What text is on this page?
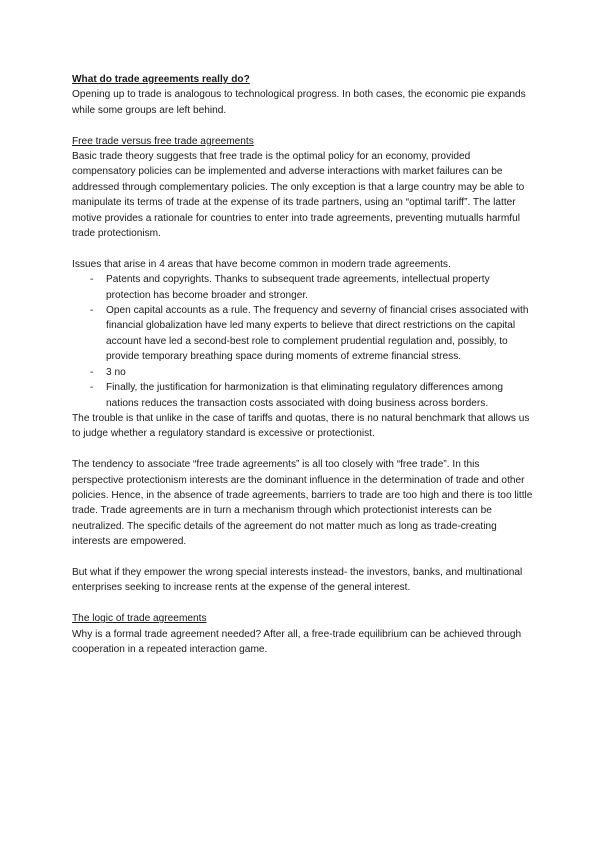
What do trade agreements really do?

Opening up to trade is analogous to technological progress. In both cases, the economic pie expands while some groups are left behind.

Free trade versus free trade agreements

Basic trade theory suggests that free trade is the optimal policy for an economy, provided compensatory policies can be implemented and adverse interactions with market failures can be addressed through complementary policies. The only exception is that a large country may be able to manipulate its terms of trade at the expense of its trade partners, using an “optimal tariff”. The latter motive provides a rationale for countries to enter into trade agreements, preventing mutualls harmful trade protectionism.

Issues that arise in 4 areas that have become common in modern trade agreements.

- Patents and copyrights. Thanks to subsequent trade agreements, intellectual property protection has become broader and stronger.
- Open capital accounts as a rule. The frequency and severny of financial crises associated with financial globalization have led many experts to believe that direct restrictions on the capital account have led a second-best role to complement prudential regulation and, possibly, to provide temporary breathing space during moments of extreme financial stress.
- 3 no
- Finally, the justification for harmonization is that eliminating regulatory differences among nations reduces the transaction costs associated with doing business across borders.

The trouble is that unlike in the case of tariffs and quotas, there is no natural benchmark that allows us to judge whether a regulatory standard is excessive or protectionist.

The tendency to associate “free trade agreements” is all too closely with “free trade”. In this perspective protectionism interests are the dominant influence in the determination of trade and other policies. Hence, in the absence of trade agreements, barriers to trade are too high and there is too little trade. Trade agreements are in turn a mechanism through which protectionist interests can be neutralized. The specific details of the agreement do not matter much as long as trade-creating interests are empowered.

But what if they empower the wrong special interests instead- the investors, banks, and multinational enterprises seeking to increase rents at the expense of the general interest.

The logic of trade agreements

Why is a formal trade agreement needed? After all, a free-trade equilibrium can be achieved through cooperation in a repeated interaction game.
